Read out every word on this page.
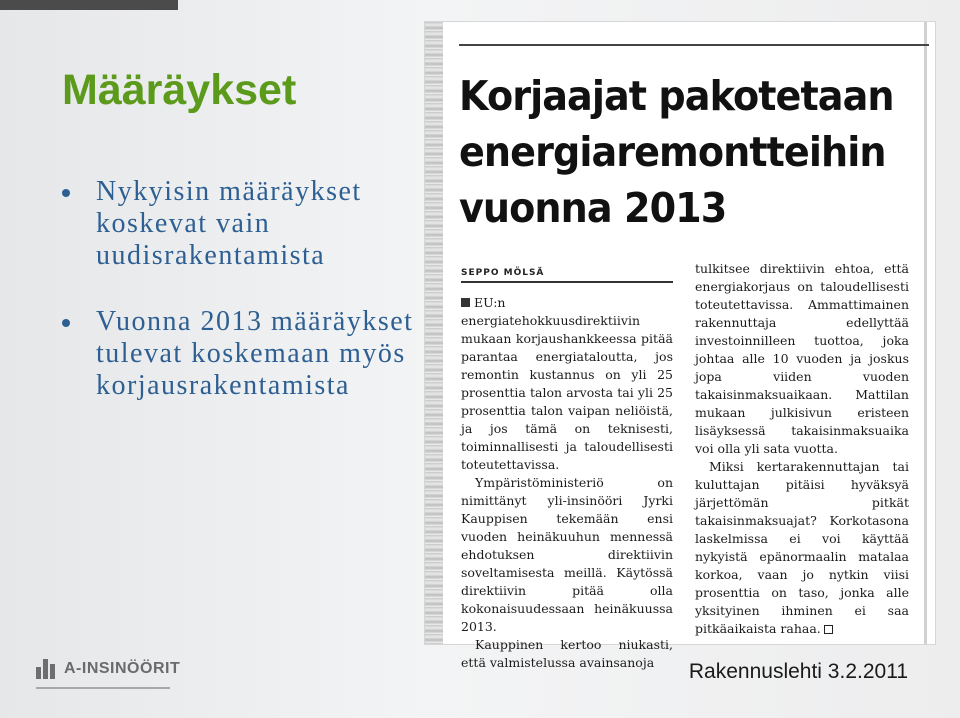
Määräykset
Nykyisin määräykset koskevat vain uudisrakentamista
Vuonna 2013 määräykset tulevat koskemaan myös korjausrakentamista
Korjaajat pakotetaan energiaremontteihin vuonna 2013
SEPPO MÖLSÄ

EU:n energiatehokkuusdirektiivin mukaan korjaushankkeessa pitää parantaa energiataloutta, jos remontin kustannus on yli 25 prosenttia talon arvosta tai yli 25 prosenttia talon vaipan neliöistä, ja jos tämä on teknisesti, toiminnallisesti ja taloudellisesti toteutettavissa.

Ympäristöministeriö on nimittänyt yli-insinööri Jyrki Kauppisen tekemään ensi vuoden heinäkuuhun mennessä ehdotuksen direktiivin soveltamisesta meillä. Käytössä direktiivin pitää olla kokonaisuudessaan heinäkuussa 2013.

Kauppinen kertoo niukasti, että valmistelussa avainsanoja

tulkitsee direktiivin ehtoa, että energiakorjaus on taloudellisesti toteutettavissa. Ammattimainen rakennuttaja edellyttää investoinnilleen tuottoa, joka johtaa alle 10 vuoden ja joskus jopa viiden vuoden takaisinmaksuaikaan. Mattilan mukaan julkisivun eristeen lisäyksessä takaisinmaksuaika voi olla yli sata vuotta.

Miksi kertarakennuttajan tai kuluttajan pitäisi hyväksyä järjettömän pitkät takaisinmaksuajat? Korkotasona laskelmissa ei voi käyttää nykyistä epänormaalin matalaa korkoa, vaan jo nytkin viisi prosenttia on taso, jonka alle yksityinen ihminen ei saa pitkäaikaista rahaa.

A-INSINÖÖRIT	Rakennuslehti 3.2.2011
